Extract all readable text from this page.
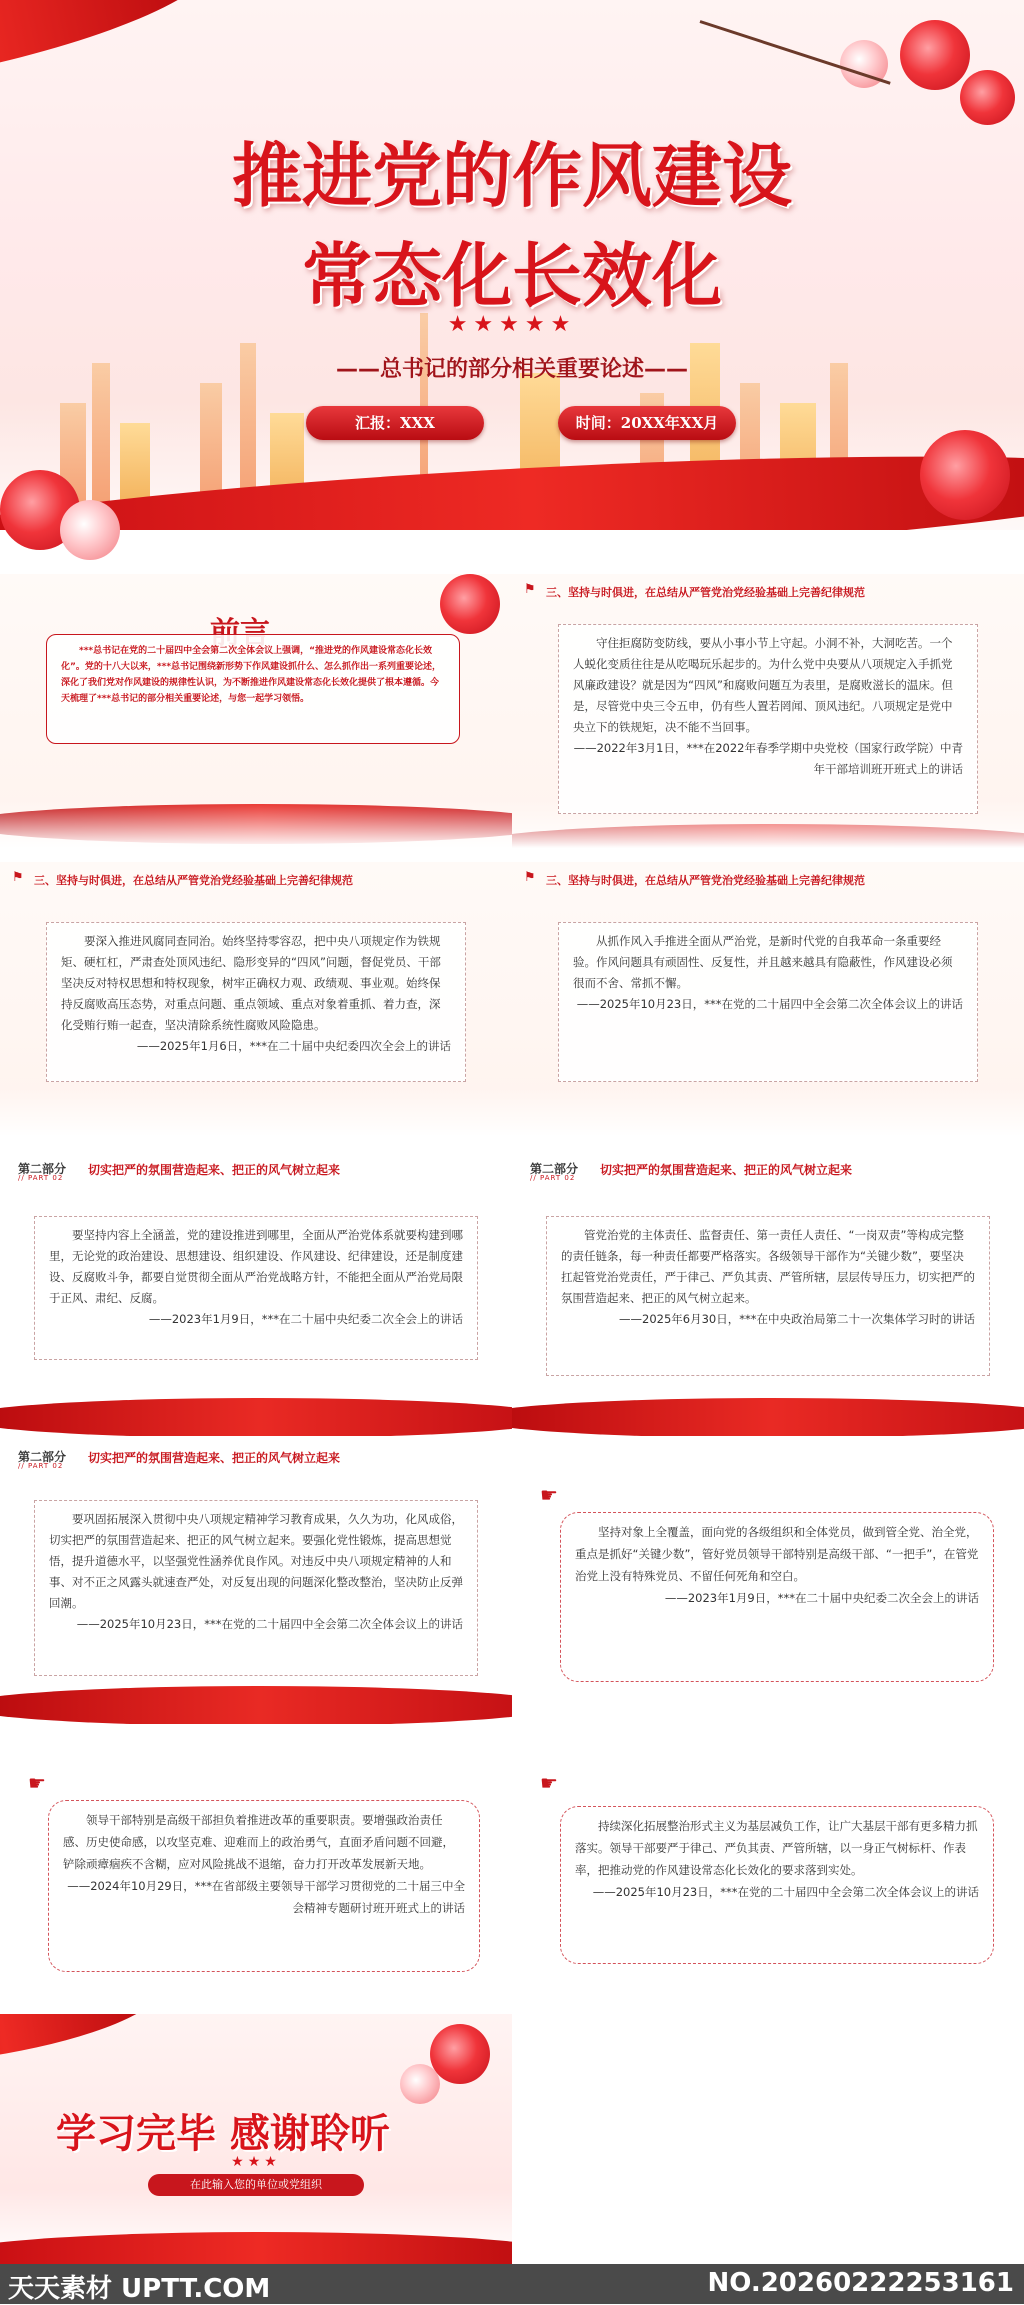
推进党的作风建设
常态化长效化
★★★★★
——总书记的部分相关重要论述——
汇报：XXX	时间：20XX年XX月

***总书记在党的二十届四中全会第二次全体会议上强调，“推进党的作风建设常态化长效化”。党的十八大以来，***总书记围绕新形势下作风建设抓什么、怎么抓作出一系列重要论述，深化了我们党对作风建设的规律性认识，为不断推进作风建设常态化长效化提供了根本遵循。今天梳理了***总书记的部分相关重要论述，与您一起学习领悟。

⚑ 三、坚持与时俱进，在总结从严管党治党经验基础上完善纪律规范

守住拒腐防变防线，要从小事小节上守起。小洞不补，大洞吃苦。一个人蜕化变质往往是从吃喝玩乐起步的。为什么党中央要从八项规定入手抓党风廉政建设？就是因为“四风”和腐败问题互为表里，是腐败滋长的温床。但是，尽管党中央三令五申，仍有些人置若罔闻、顶风违纪。八项规定是党中央立下的铁规矩，决不能不当回事。

——2022年3月1日，***在2022年春季学期中央党校（国家行政学院）中青年干部培训班开班式上的讲话

⚑ 三、坚持与时俱进，在总结从严管党治党经验基础上完善纪律规范

要深入推进风腐同查同治。始终坚持零容忍，把中央八项规定作为铁规矩、硬杠杠，严肃查处顶风违纪、隐形变异的“四风”问题，督促党员、干部坚决反对特权思想和特权现象，树牢正确权力观、政绩观、事业观。始终保持反腐败高压态势，对重点问题、重点领域、重点对象着重抓、着力查，深化受贿行贿一起查，坚决清除系统性腐败风险隐患。

——2025年1月6日，***在二十届中央纪委四次全会上的讲话

⚑ 三、坚持与时俱进，在总结从严管党治党经验基础上完善纪律规范

从抓作风入手推进全面从严治党，是新时代党的自我革命一条重要经验。作风问题具有顽固性、反复性，并且越来越具有隐蔽性，作风建设必须很而不舍、常抓不懈。

——2025年10月23日，***在党的二十届四中全会第二次全体会议上的讲话

第二部分
// PART 02
切实把严的氛围营造起来、把正的风气树立起来

要坚持内容上全涵盖，党的建设推进到哪里，全面从严治党体系就要构建到哪里，无论党的政治建设、思想建设、组织建设、作风建设、纪律建设，还是制度建设、反腐败斗争，都要自觉贯彻全面从严治党战略方针，不能把全面从严治党局限于正风、肃纪、反腐。

——2023年1月9日，***在二十届中央纪委二次全会上的讲话

第二部分
// PART 02
切实把严的氛围营造起来、把正的风气树立起来

管党治党的主体责任、监督责任、第一责任人责任、“一岗双责”等构成完整的责任链条，每一种责任都要严格落实。各级领导干部作为“关键少数”，要坚决扛起管党治党责任，严于律己、严负其责、严管所辖，层层传导压力，切实把严的氛围营造起来、把正的风气树立起来。

——2025年6月30日，***在中央政治局第二十一次集体学习时的讲话

第二部分
// PART 02
切实把严的氛围营造起来、把正的风气树立起来

要巩固拓展深入贯彻中央八项规定精神学习教育成果，久久为功，化风成俗，切实把严的氛围营造起来、把正的风气树立起来。要强化党性锻炼，提高思想觉悟，提升道德水平，以坚强党性涵养优良作风。对违反中央八项规定精神的人和事、对不正之风露头就速查严处，对反复出现的问题深化整改整治，坚决防止反弹回潮。

——2025年10月23日，***在党的二十届四中全会第二次全体会议上的讲话

☛

坚持对象上全覆盖，面向党的各级组织和全体党员，做到管全党、治全党，重点是抓好“关键少数”，管好党员领导干部特别是高级干部、“一把手”，在管党治党上没有特殊党员、不留任何死角和空白。

——2023年1月9日，***在二十届中央纪委二次全会上的讲话

☛

领导干部特别是高级干部担负着推进改革的重要职责。要增强政治责任感、历史使命感，以攻坚克难、迎难而上的政治勇气，直面矛盾问题不回避，铲除顽瘴痼疾不含糊，应对风险挑战不退缩，奋力打开改革发展新天地。

——2024年10月29日，***在省部级主要领导干部学习贯彻党的二十届三中全会精神专题研讨班开班式上的讲话

☛

持续深化拓展整治形式主义为基层减负工作，让广大基层干部有更多精力抓落实。领导干部要严于律己、严负其责、严管所辖，以一身正气树标杆、作表率，把推动党的作风建设常态化长效化的要求落到实处。

——2025年10月23日，***在党的二十届四中全会第二次全体会议上的讲话

学习完毕 感谢聆听
★★★
在此输入您的单位或党组织
天天素材 UPTT.COM	NO.20260222253161
